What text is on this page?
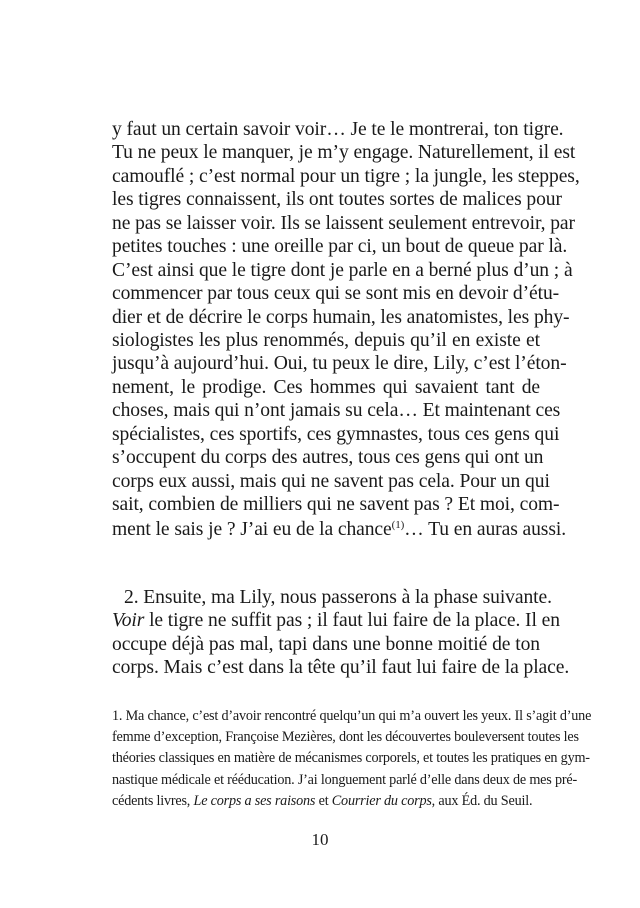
y faut un certain savoir voir… Je te le montrerai, ton tigre.
Tu ne peux le manquer, je m’y engage. Naturellement, il est
camouflé ; c’est normal pour un tigre ; la jungle, les steppes,
les tigres connaissent, ils ont toutes sortes de malices pour
ne pas se laisser voir. Ils se laissent seulement entrevoir, par
petites touches : une oreille par ci, un bout de queue par là.
C’est ainsi que le tigre dont je parle en a berné plus d’un ; à
commencer par tous ceux qui se sont mis en devoir d’étu-
dier et de décrire le corps humain, les anatomistes, les phy-
siologistes les plus renommés, depuis qu’il en existe et
jusqu’à aujourd’hui. Oui, tu peux le dire, Lily, c’est l’éton-
nement, le prodige. Ces hommes qui savaient tant de
choses, mais qui n’ont jamais su cela… Et maintenant ces
spécialistes, ces sportifs, ces gymnastes, tous ces gens qui
s’occupent du corps des autres, tous ces gens qui ont un
corps eux aussi, mais qui ne savent pas cela. Pour un qui
sait, combien de milliers qui ne savent pas ? Et moi, com-
ment le sais je ? J’ai eu de la chance$^{(1)}$… Tu en auras aussi.
2. Ensuite, ma Lily, nous passerons à la phase suivante.
Voir le tigre ne suffit pas ; il faut lui faire de la place. Il en
occupe déjà pas mal, tapi dans une bonne moitié de ton
corps. Mais c’est dans la tête qu’il faut lui faire de la place.
1. Ma chance, c’est d’avoir rencontré quelqu’un qui m’a ouvert les yeux. Il s’agit d’une
femme d’exception, Françoise Mezières, dont les découvertes bouleversent toutes les
théories classiques en matière de mécanismes corporels, et toutes les pratiques en gym-
nastique médicale et rééducation. J’ai longuement parlé d’elle dans deux de mes pré-
cédents livres, Le corps a ses raisons et Courrier du corps, aux Éd. du Seuil.
10
